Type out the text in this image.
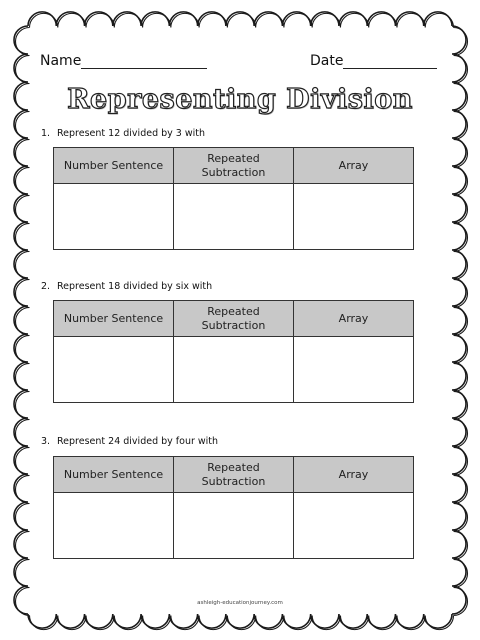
Name	Date
Representing Division
1. Represent 12 divided by 3 with
Number Sentence	Repeated Subtraction	Array

2. Represent 18 divided by six with
Number Sentence	Repeated Subtraction	Array

3. Represent 24 divided by four with
Number Sentence	Repeated Subtraction	Array

ashleigh-educationjourney.com
